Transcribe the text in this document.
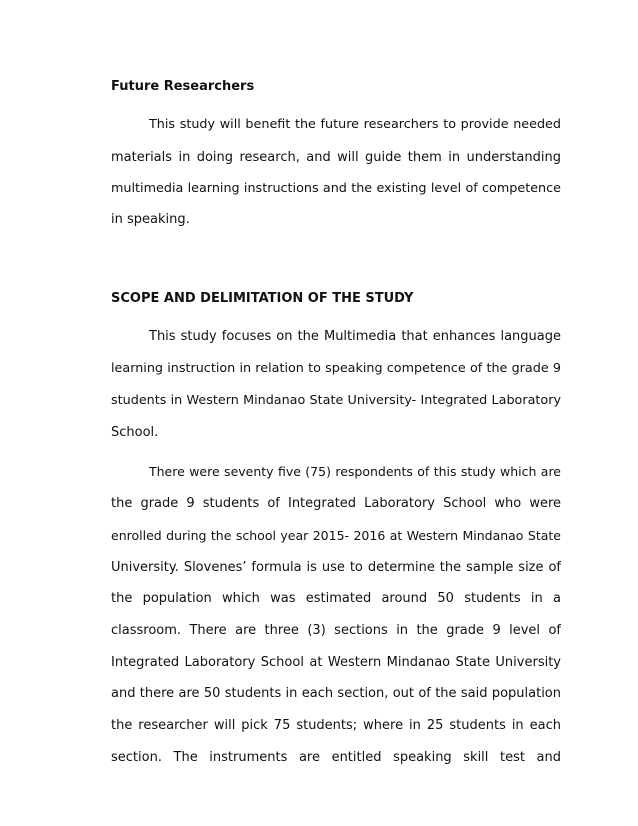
Future Researchers
This study will benefit the future researchers to provide needed
materials in doing research, and will guide them in understanding
multimedia learning instructions and the existing level of competence
in speaking.
SCOPE AND DELIMITATION OF THE STUDY
This study focuses on the Multimedia that enhances language
learning instruction in relation to speaking competence of the grade 9
students in Western Mindanao State University- Integrated Laboratory
School.
There were seventy five (75) respondents of this study which are
the grade 9 students of Integrated Laboratory School who were
enrolled during the school year 2015- 2016 at Western Mindanao State
University. Slovenes’ formula is use to determine the sample size of
the population which was estimated around 50 students in a
classroom. There are three (3) sections in the grade 9 level of
Integrated Laboratory School at Western Mindanao State University
and there are 50 students in each section, out of the said population
the researcher will pick 75 students; where in 25 students in each
section. The instruments are entitled speaking skill test and
